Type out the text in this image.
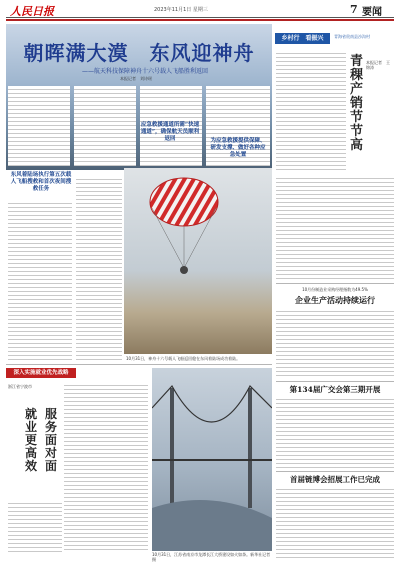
人民日报	2023年11月1日 星期三	7 要闻
朝晖满大漠　东风迎神舟
——航天科技保障神舟十六号载人飞船胜利返回
本报记者　刘诗瑶
东风着陆场执行第五次载人飞船搜救和首次夜间搜救任务
应急救援通道所需“快速通道”，确保航天员顺利返回	为应急救援提供保障、研发支撑、做好各种应急处置
10月31日，神舟十六号载人飞船返回舱在东风着陆场成功着陆。
乡村行　看振兴	青海省贵南县沙沟村
青稞产销节节高
本报记者　王锦涛
10月份制造业采购经理指数为49.5%
企业生产活动持续运行
第134届广交会第三期开展
首届链博会招展工作已完成
深入实施就业优先战略
浙江省宁波市
服务面对面
就业更高效
10月31日，江苏省南京市龙潭长江大桥建设如火如荼。新华社记者 摄
